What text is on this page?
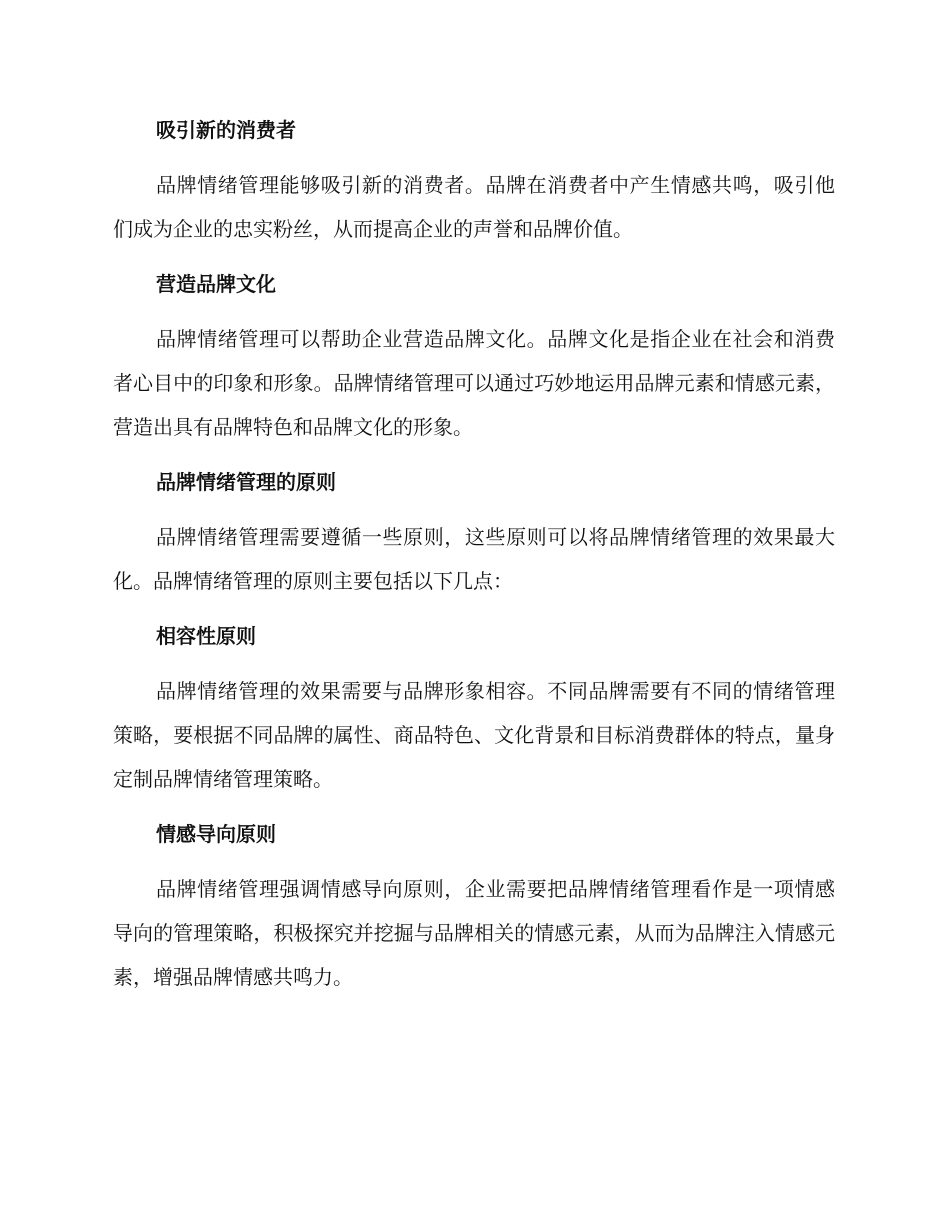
吸引新的消费者

品牌情绪管理能够吸引新的消费者。品牌在消费者中产生情感共鸣，吸引他们成为企业的忠实粉丝，从而提高企业的声誉和品牌价值。

营造品牌文化

品牌情绪管理可以帮助企业营造品牌文化。品牌文化是指企业在社会和消费者心目中的印象和形象。品牌情绪管理可以通过巧妙地运用品牌元素和情感元素，营造出具有品牌特色和品牌文化的形象。

品牌情绪管理的原则

品牌情绪管理需要遵循一些原则，这些原则可以将品牌情绪管理的效果最大化。品牌情绪管理的原则主要包括以下几点：

相容性原则

品牌情绪管理的效果需要与品牌形象相容。不同品牌需要有不同的情绪管理策略，要根据不同品牌的属性、商品特色、文化背景和目标消费群体的特点，量身定制品牌情绪管理策略。

情感导向原则

品牌情绪管理强调情感导向原则，企业需要把品牌情绪管理看作是一项情感导向的管理策略，积极探究并挖掘与品牌相关的情感元素，从而为品牌注入情感元素，增强品牌情感共鸣力。
